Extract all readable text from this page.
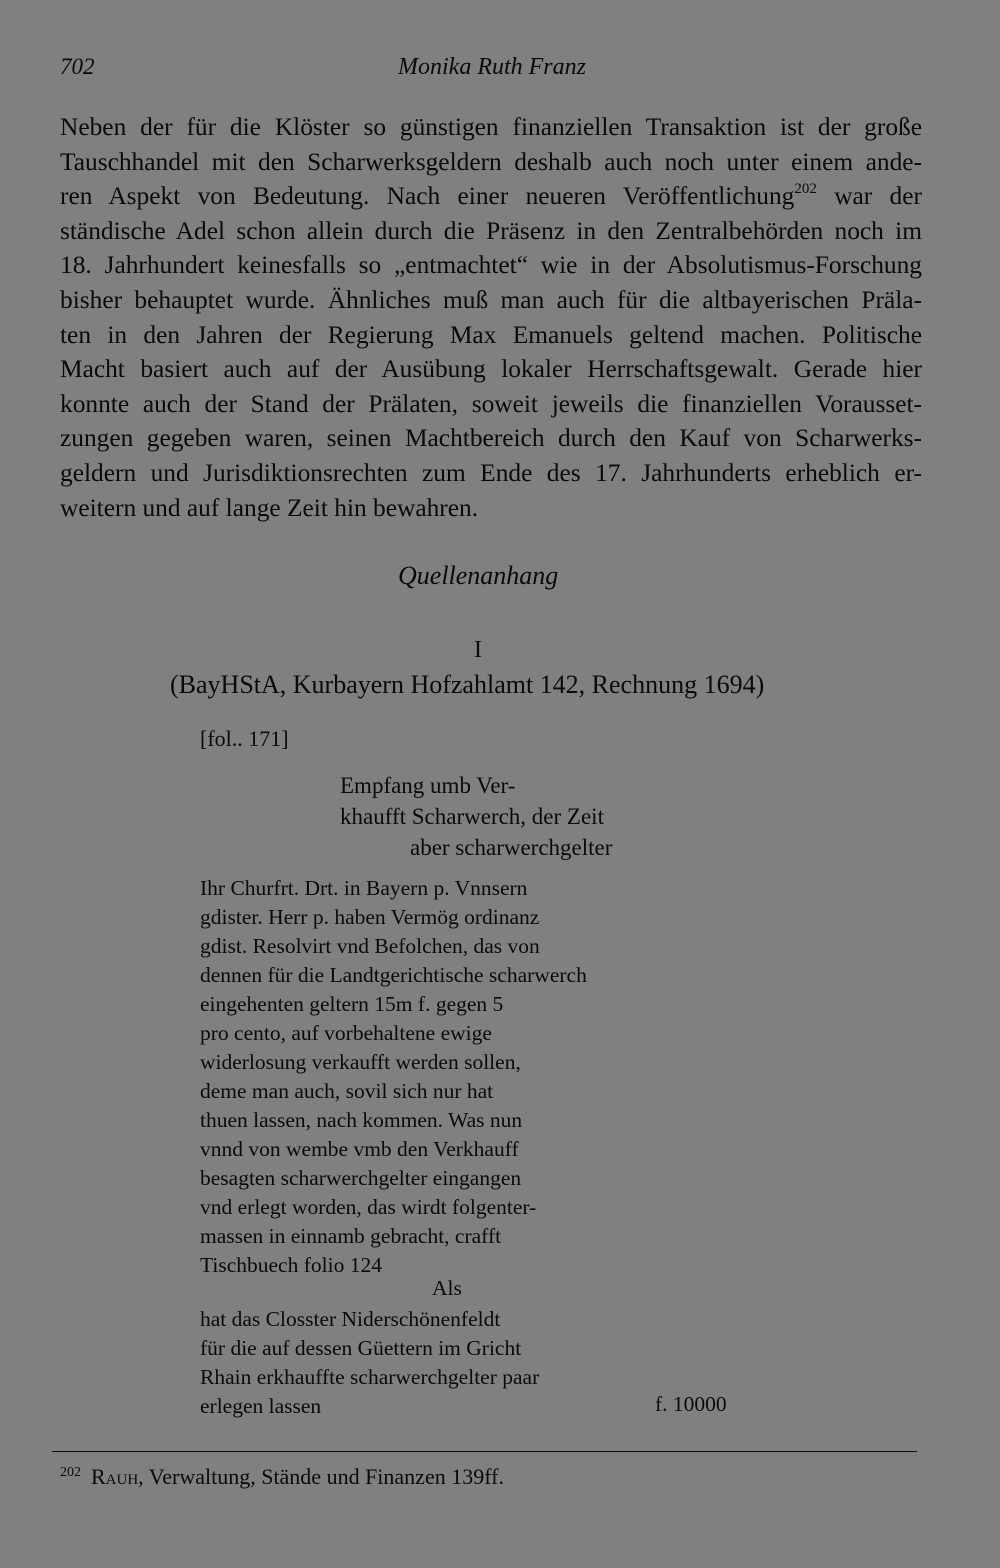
702	Monika Ruth Franz
Neben der für die Klöster so günstigen finanziellen Transaktion ist der große
Tauschhandel mit den Scharwerksgeldern deshalb auch noch unter einem ande-
ren Aspekt von Bedeutung. Nach einer neueren Veröffentlichung$^{202}$ war der
ständische Adel schon allein durch die Präsenz in den Zentralbehörden noch im
18. Jahrhundert keinesfalls so „entmachtet“ wie in der Absolutismus-Forschung
bisher behauptet wurde. Ähnliches muß man auch für die altbayerischen Präla-
ten in den Jahren der Regierung Max Emanuels geltend machen. Politische
Macht basiert auch auf der Ausübung lokaler Herrschaftsgewalt. Gerade hier
konnte auch der Stand der Prälaten, soweit jeweils die finanziellen Vorausset-
zungen gegeben waren, seinen Machtbereich durch den Kauf von Scharwerks-
geldern und Jurisdiktionsrechten zum Ende des 17. Jahrhunderts erheblich er-
weitern und auf lange Zeit hin bewahren.
Quellenanhang
I
(BayHStA, Kurbayern Hofzahlamt 142, Rechnung 1694)
[fol.. 171]
Empfang umb Ver-
khaufft Scharwerch, der Zeit
aber scharwerchgelter
Ihr Churfrt. Drt. in Bayern p. Vnnsern
gdister. Herr p. haben Vermög ordinanz
gdist. Resolvirt vnd Befolchen, das von
dennen für die Landtgerichtische scharwerch
eingehenten geltern 15m f. gegen 5
pro cento, auf vorbehaltene ewige
widerlosung verkaufft werden sollen,
deme man auch, sovil sich nur hat
thuen lassen, nach kommen. Was nun
vnnd von wembe vmb den Verkhauff
besagten scharwerchgelter eingangen
vnd erlegt worden, das wirdt folgenter-
massen in einnamb gebracht, crafft
Tischbuech folio 124
Als
hat das Closster Niderschönenfeldt
für die auf dessen Güettern im Gricht
Rhain erkhauffte scharwerchgelter paar
erlegen lassen	f. 10000
$^{202}$ Rauh, Verwaltung, Stände und Finanzen 139ff.
